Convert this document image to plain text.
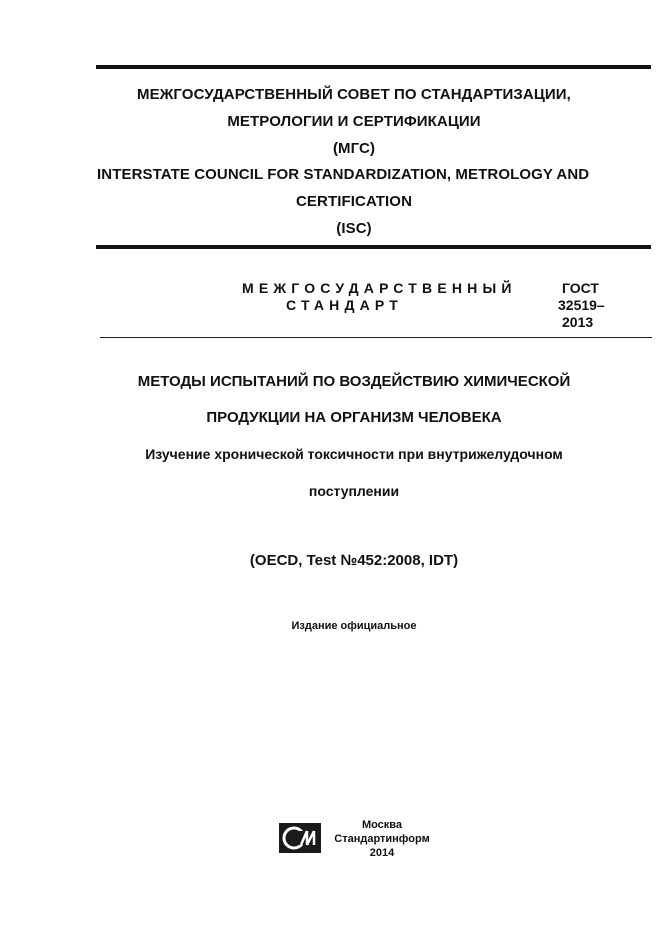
МЕЖГОСУДАРСТВЕННЫЙ СОВЕТ ПО СТАНДАРТИЗАЦИИ,
МЕТРОЛОГИИ И СЕРТИФИКАЦИИ
(МГС)
INTERSTATE COUNCIL FOR STANDARDIZATION, METROLOGY AND
CERTIFICATION
(ISC)
МЕЖГОСУДАРСТВЕННЫЙ
СТАНДАРТ
ГОСТ
32519–
2013
МЕТОДЫ ИСПЫТАНИЙ ПО ВОЗДЕЙСТВИЮ ХИМИЧЕСКОЙ
ПРОДУКЦИИ НА ОРГАНИЗМ ЧЕЛОВЕКА
Изучение хронической токсичности при внутрижелудочном
поступлении
(OECD, Test №452:2008, IDT)
Издание официальное
Москва
Стандартинформ
2014
